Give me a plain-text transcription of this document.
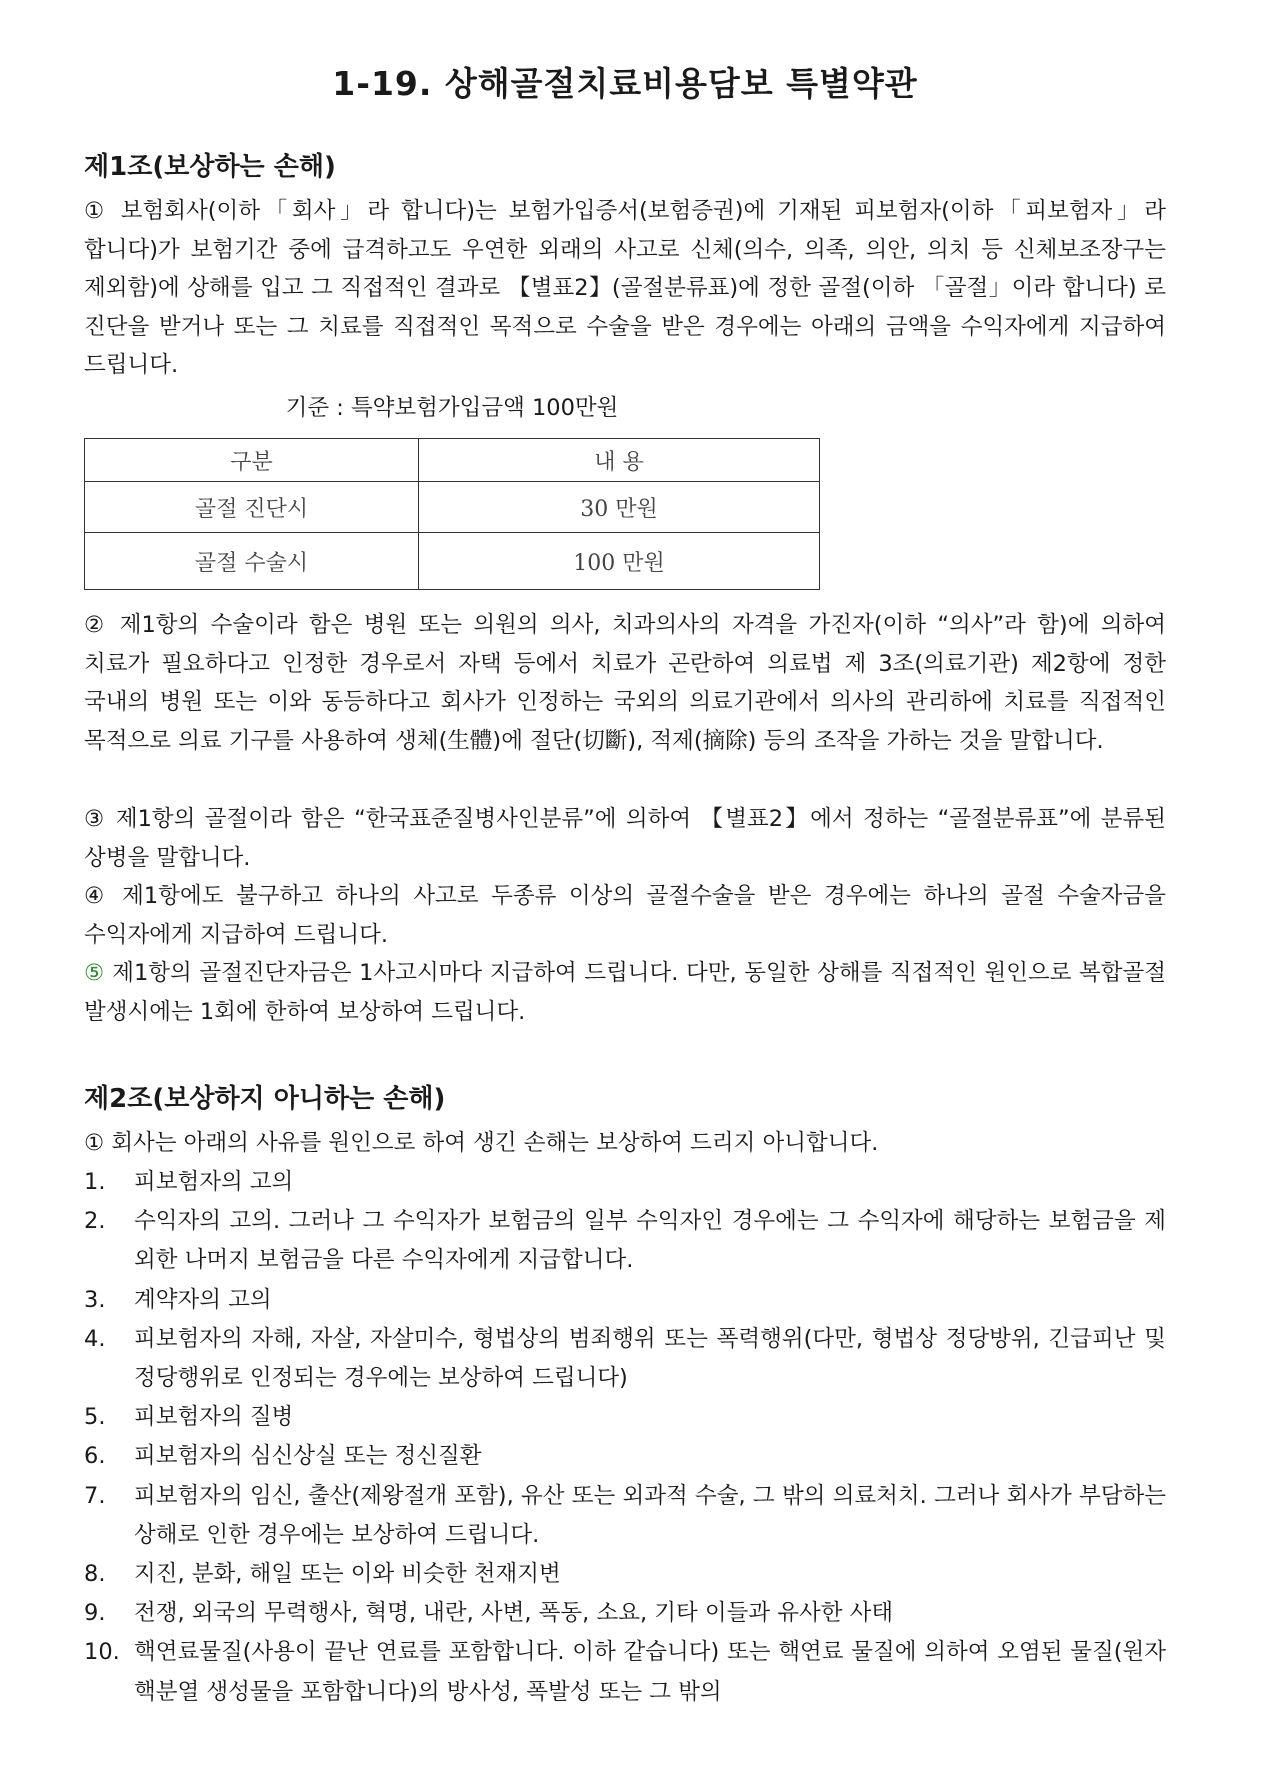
1-19. 상해골절치료비용담보 특별약관
제1조(보상하는 손해)

① 보험회사(이하「회사」라 합니다)는 보험가입증서(보험증권)에 기재된 피보험자(이하「피보험자」라 합니다)가 보험기간 중에 급격하고도 우연한 외래의 사고로 신체(의수, 의족, 의안, 의치 등 신체보조장구는 제외함)에 상해를 입고 그 직접적인 결과로 【별표2】(골절분류표)에 정한 골절(이하 「골절」이라 합니다) 로 진단을 받거나 또는 그 치료를 직접적인 목적으로 수술을 받은 경우에는 아래의 금액을 수익자에게 지급하여 드립니다.

기준 : 특약보험가입금액 100만원

구분	내 용
골절 진단시	30 만원
골절 수술시	100 만원

② 제1항의 수술이라 함은 병원 또는 의원의 의사, 치과의사의 자격을 가진자(이하 “의사”라 함)에 의하여 치료가 필요하다고 인정한 경우로서 자택 등에서 치료가 곤란하여 의료법 제 3조(의료기관) 제2항에 정한 국내의 병원 또는 이와 동등하다고 회사가 인정하는 국외의 의료기관에서 의사의 관리하에 치료를 직접적인 목적으로 의료 기구를 사용하여 생체(生體)에 절단(切斷), 적제(摘除) 등의 조작을 가하는 것을 말합니다.

③ 제1항의 골절이라 함은 “한국표준질병사인분류”에 의하여 【별표2】에서 정하는 “골절분류표”에 분류된 상병을 말합니다.

④ 제1항에도 불구하고 하나의 사고로 두종류 이상의 골절수술을 받은 경우에는 하나의 골절 수술자금을 수익자에게 지급하여 드립니다.

⑤ 제1항의 골절진단자금은 1사고시마다 지급하여 드립니다. 다만, 동일한 상해를 직접적인 원인으로 복합골절 발생시에는 1회에 한하여 보상하여 드립니다.

제2조(보상하지 아니하는 손해)

① 회사는 아래의 사유를 원인으로 하여 생긴 손해는 보상하여 드리지 아니합니다.

1.	피보험자의 고의
2.	수익자의 고의. 그러나 그 수익자가 보험금의 일부 수익자인 경우에는 그 수익자에 해당하는 보험금을 제외한 나머지 보험금을 다른 수익자에게 지급합니다.
3.	계약자의 고의
4.	피보험자의 자해, 자살, 자살미수, 형법상의 범죄행위 또는 폭력행위(다만, 형법상 정당방위, 긴급피난 및 정당행위로 인정되는 경우에는 보상하여 드립니다)
5.	피보험자의 질병
6.	피보험자의 심신상실 또는 정신질환
7.	피보험자의 임신, 출산(제왕절개 포함), 유산 또는 외과적 수술, 그 밖의 의료처치. 그러나 회사가 부담하는 상해로 인한 경우에는 보상하여 드립니다.
8.	지진, 분화, 해일 또는 이와 비슷한 천재지변
9.	전쟁, 외국의 무력행사, 혁명, 내란, 사변, 폭동, 소요, 기타 이들과 유사한 사태
10. 핵연료물질(사용이 끝난 연료를 포함합니다. 이하 같습니다) 또는 핵연료 물질에 의하여 오염된 물질(원자핵분열 생성물을 포함합니다)의 방사성, 폭발성 또는 그 밖의
